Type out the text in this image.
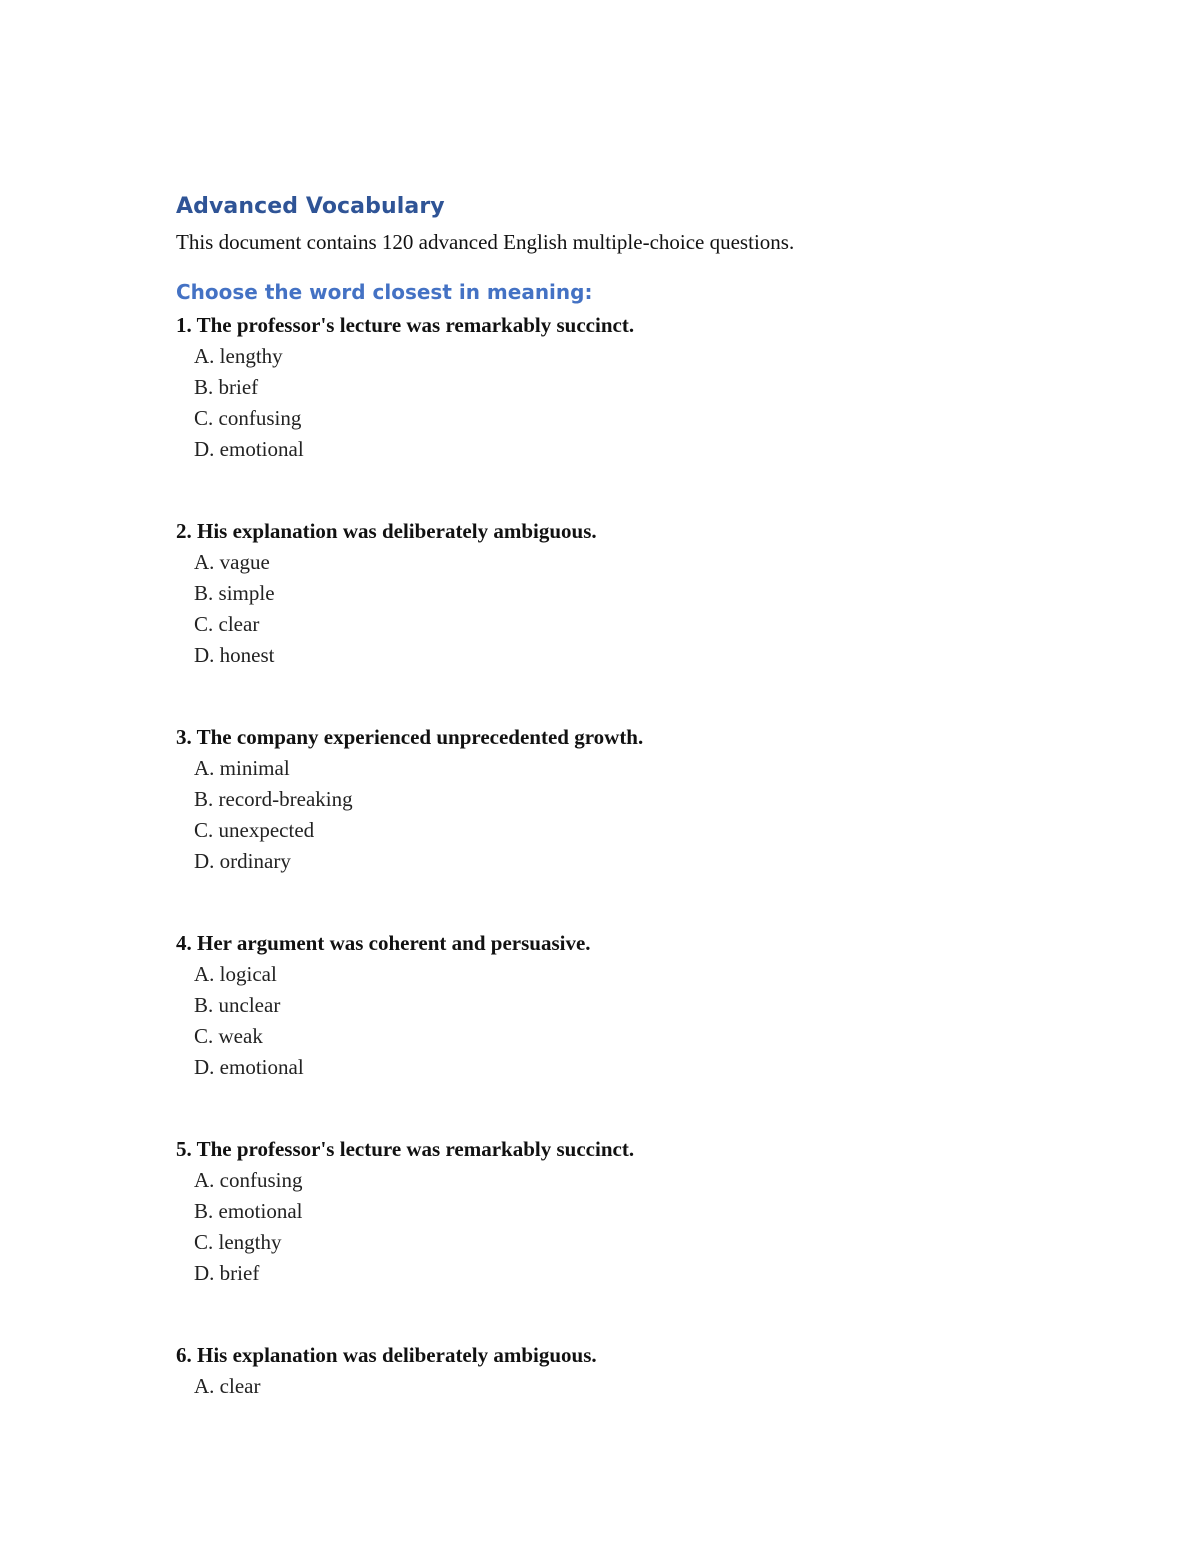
Advanced Vocabulary

This document contains 120 advanced English multiple-choice questions.

Choose the word closest in meaning:

1. The professor's lecture was remarkably succinct.

A. lengthy
B. brief
C. confusing
D. emotional

2. His explanation was deliberately ambiguous.

A. vague
B. simple
C. clear
D. honest

3. The company experienced unprecedented growth.

A. minimal
B. record-breaking
C. unexpected
D. ordinary

4. Her argument was coherent and persuasive.

A. logical
B. unclear
C. weak
D. emotional

5. The professor's lecture was remarkably succinct.

A. confusing
B. emotional
C. lengthy
D. brief

6. His explanation was deliberately ambiguous.

A. clear
